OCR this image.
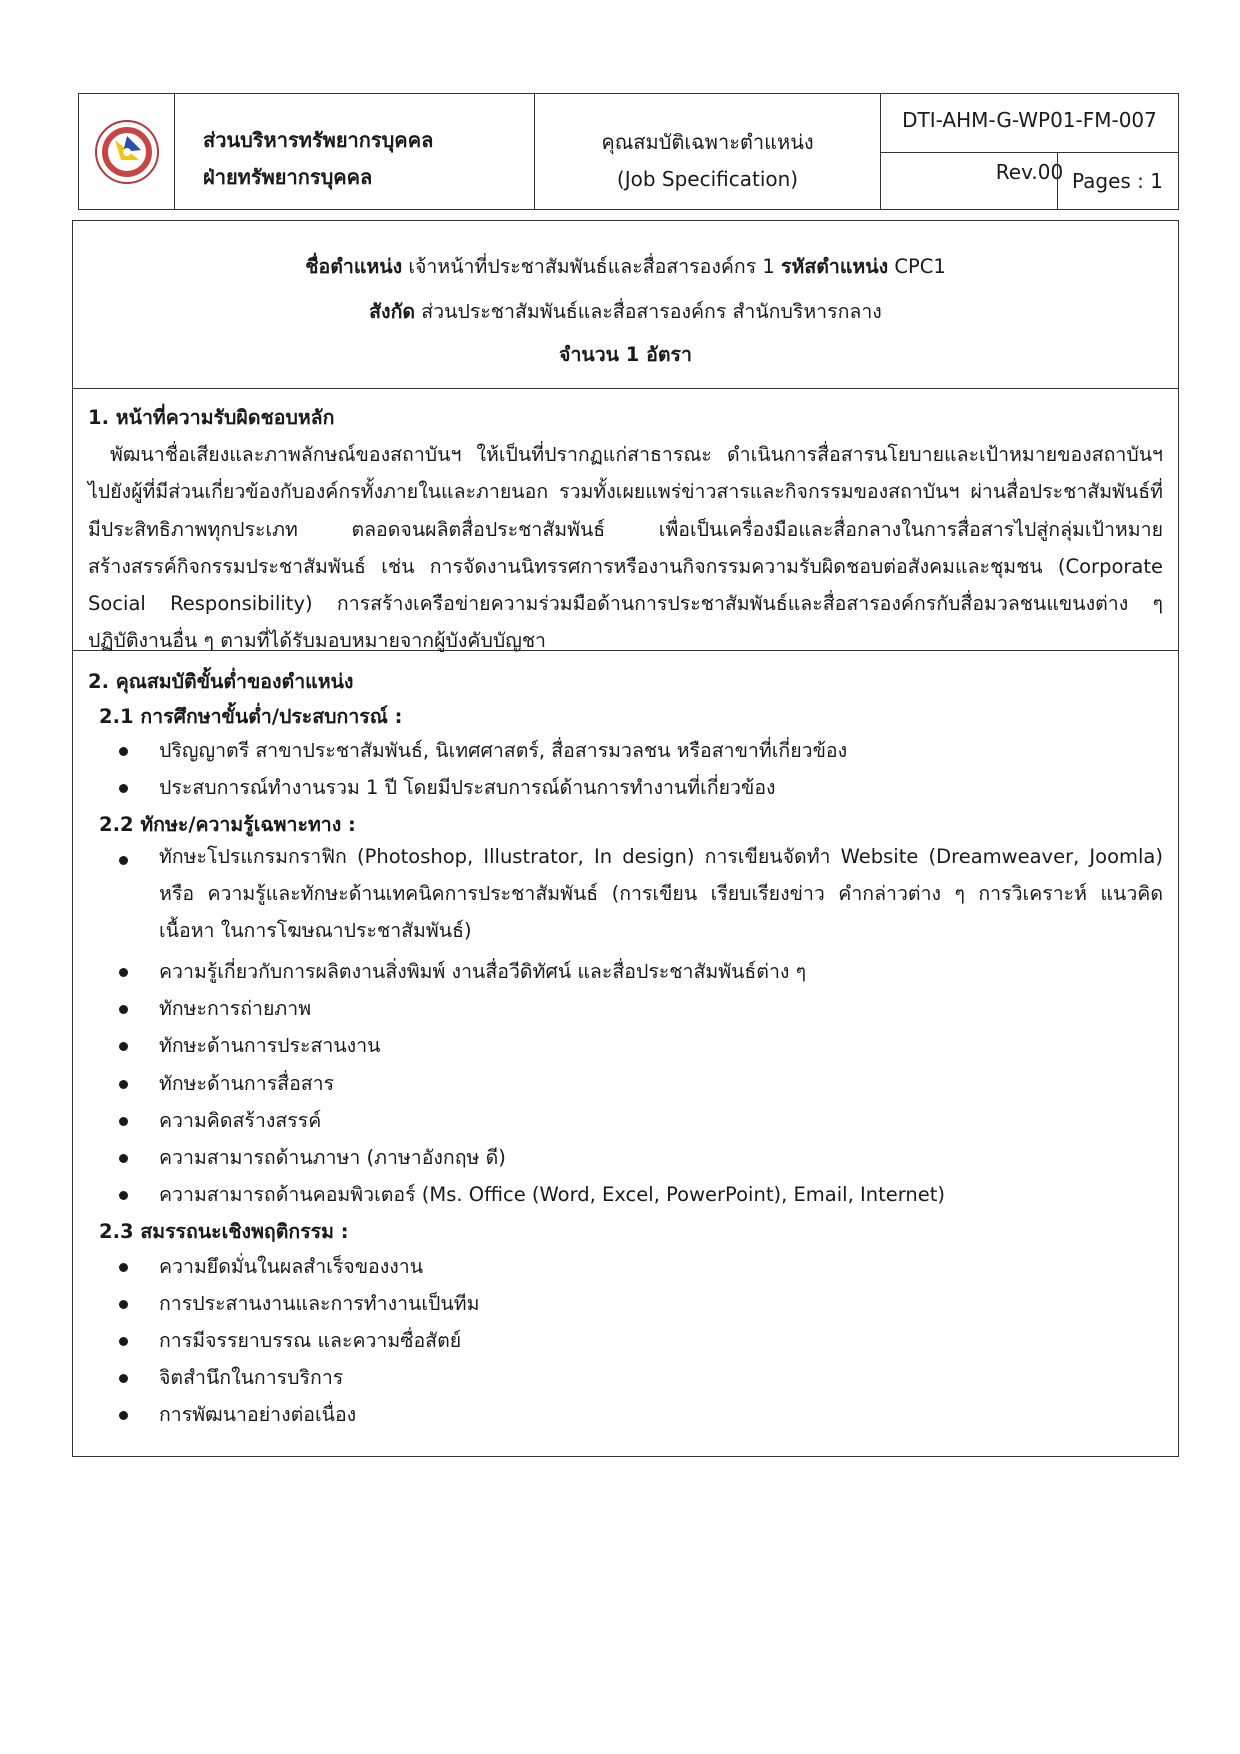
ส่วนบริหารทรัพยากรบุคคล
ฝ่ายทรัพยากรบุคคล
คุณสมบัติเฉพาะตำแหน่ง
(Job Specification)
DTI-AHM-G-WP01-FM-007 Rev.00 Pages : 1
ชื่อตำแหน่ง เจ้าหน้าที่ประชาสัมพันธ์และสื่อสารองค์กร 1 รหัสตำแหน่ง CPC1
สังกัด ส่วนประชาสัมพันธ์และสื่อสารองค์กร สำนักบริหารกลาง
จำนวน 1 อัตรา
1. หน้าที่ความรับผิดชอบหลัก
พัฒนาชื่อเสียงและภาพลักษณ์ของสถาบันฯ ให้เป็นที่ปรากฏแก่สาธารณะ ดำเนินการสื่อสารนโยบายและเป้าหมายของสถาบันฯ ไปยังผู้ที่มีส่วนเกี่ยวข้องกับองค์กรทั้งภายในและภายนอก รวมทั้งเผยแพร่ข่าวสารและกิจกรรมของสถาบันฯ ผ่านสื่อประชาสัมพันธ์ที่มีประสิทธิภาพทุกประเภท ตลอดจนผลิตสื่อประชาสัมพันธ์ เพื่อเป็นเครื่องมือและสื่อกลางในการสื่อสารไปสู่กลุ่มเป้าหมาย สร้างสรรค์กิจกรรมประชาสัมพันธ์ เช่น การจัดงานนิทรรศการหรืองานกิจกรรมความรับผิดชอบต่อสังคมและชุมชน (Corporate Social Responsibility) การสร้างเครือข่ายความร่วมมือด้านการประชาสัมพันธ์และสื่อสารองค์กรกับสื่อมวลชนแขนงต่าง ๆ ปฏิบัติงานอื่น ๆ ตามที่ได้รับมอบหมายจากผู้บังคับบัญชา
2. คุณสมบัติขั้นต่ำของตำแหน่ง
2.1 การศึกษาขั้นต่ำ/ประสบการณ์ :
ปริญญาตรี สาขาประชาสัมพันธ์, นิเทศศาสตร์, สื่อสารมวลชน หรือสาขาที่เกี่ยวข้อง
ประสบการณ์ทำงานรวม 1 ปี โดยมีประสบการณ์ด้านการทำงานที่เกี่ยวข้อง
2.2 ทักษะ/ความรู้เฉพาะทาง :
ทักษะโปรแกรมกราฟิก (Photoshop, Illustrator, In design) การเขียนจัดทำ Website (Dreamweaver, Joomla) หรือ ความรู้และทักษะด้านเทคนิคการประชาสัมพันธ์ (การเขียน เรียบเรียงข่าว คำกล่าวต่าง ๆ การวิเคราะห์ แนวคิด เนื้อหา ในการโฆษณาประชาสัมพันธ์)
ความรู้เกี่ยวกับการผลิตงานสิ่งพิมพ์ งานสื่อวีดิทัศน์ และสื่อประชาสัมพันธ์ต่าง ๆ
ทักษะการถ่ายภาพ
ทักษะด้านการประสานงาน
ทักษะด้านการสื่อสาร
ความคิดสร้างสรรค์
ความสามารถด้านภาษา (ภาษาอังกฤษ ดี)
ความสามารถด้านคอมพิวเตอร์ (Ms. Office (Word, Excel, PowerPoint), Email, Internet)
2.3 สมรรถนะเชิงพฤติกรรม :
ความยึดมั่นในผลสำเร็จของงาน
การประสานงานและการทำงานเป็นทีม
การมีจรรยาบรรณ และความซื่อสัตย์
จิตสำนึกในการบริการ
การพัฒนาอย่างต่อเนื่อง
